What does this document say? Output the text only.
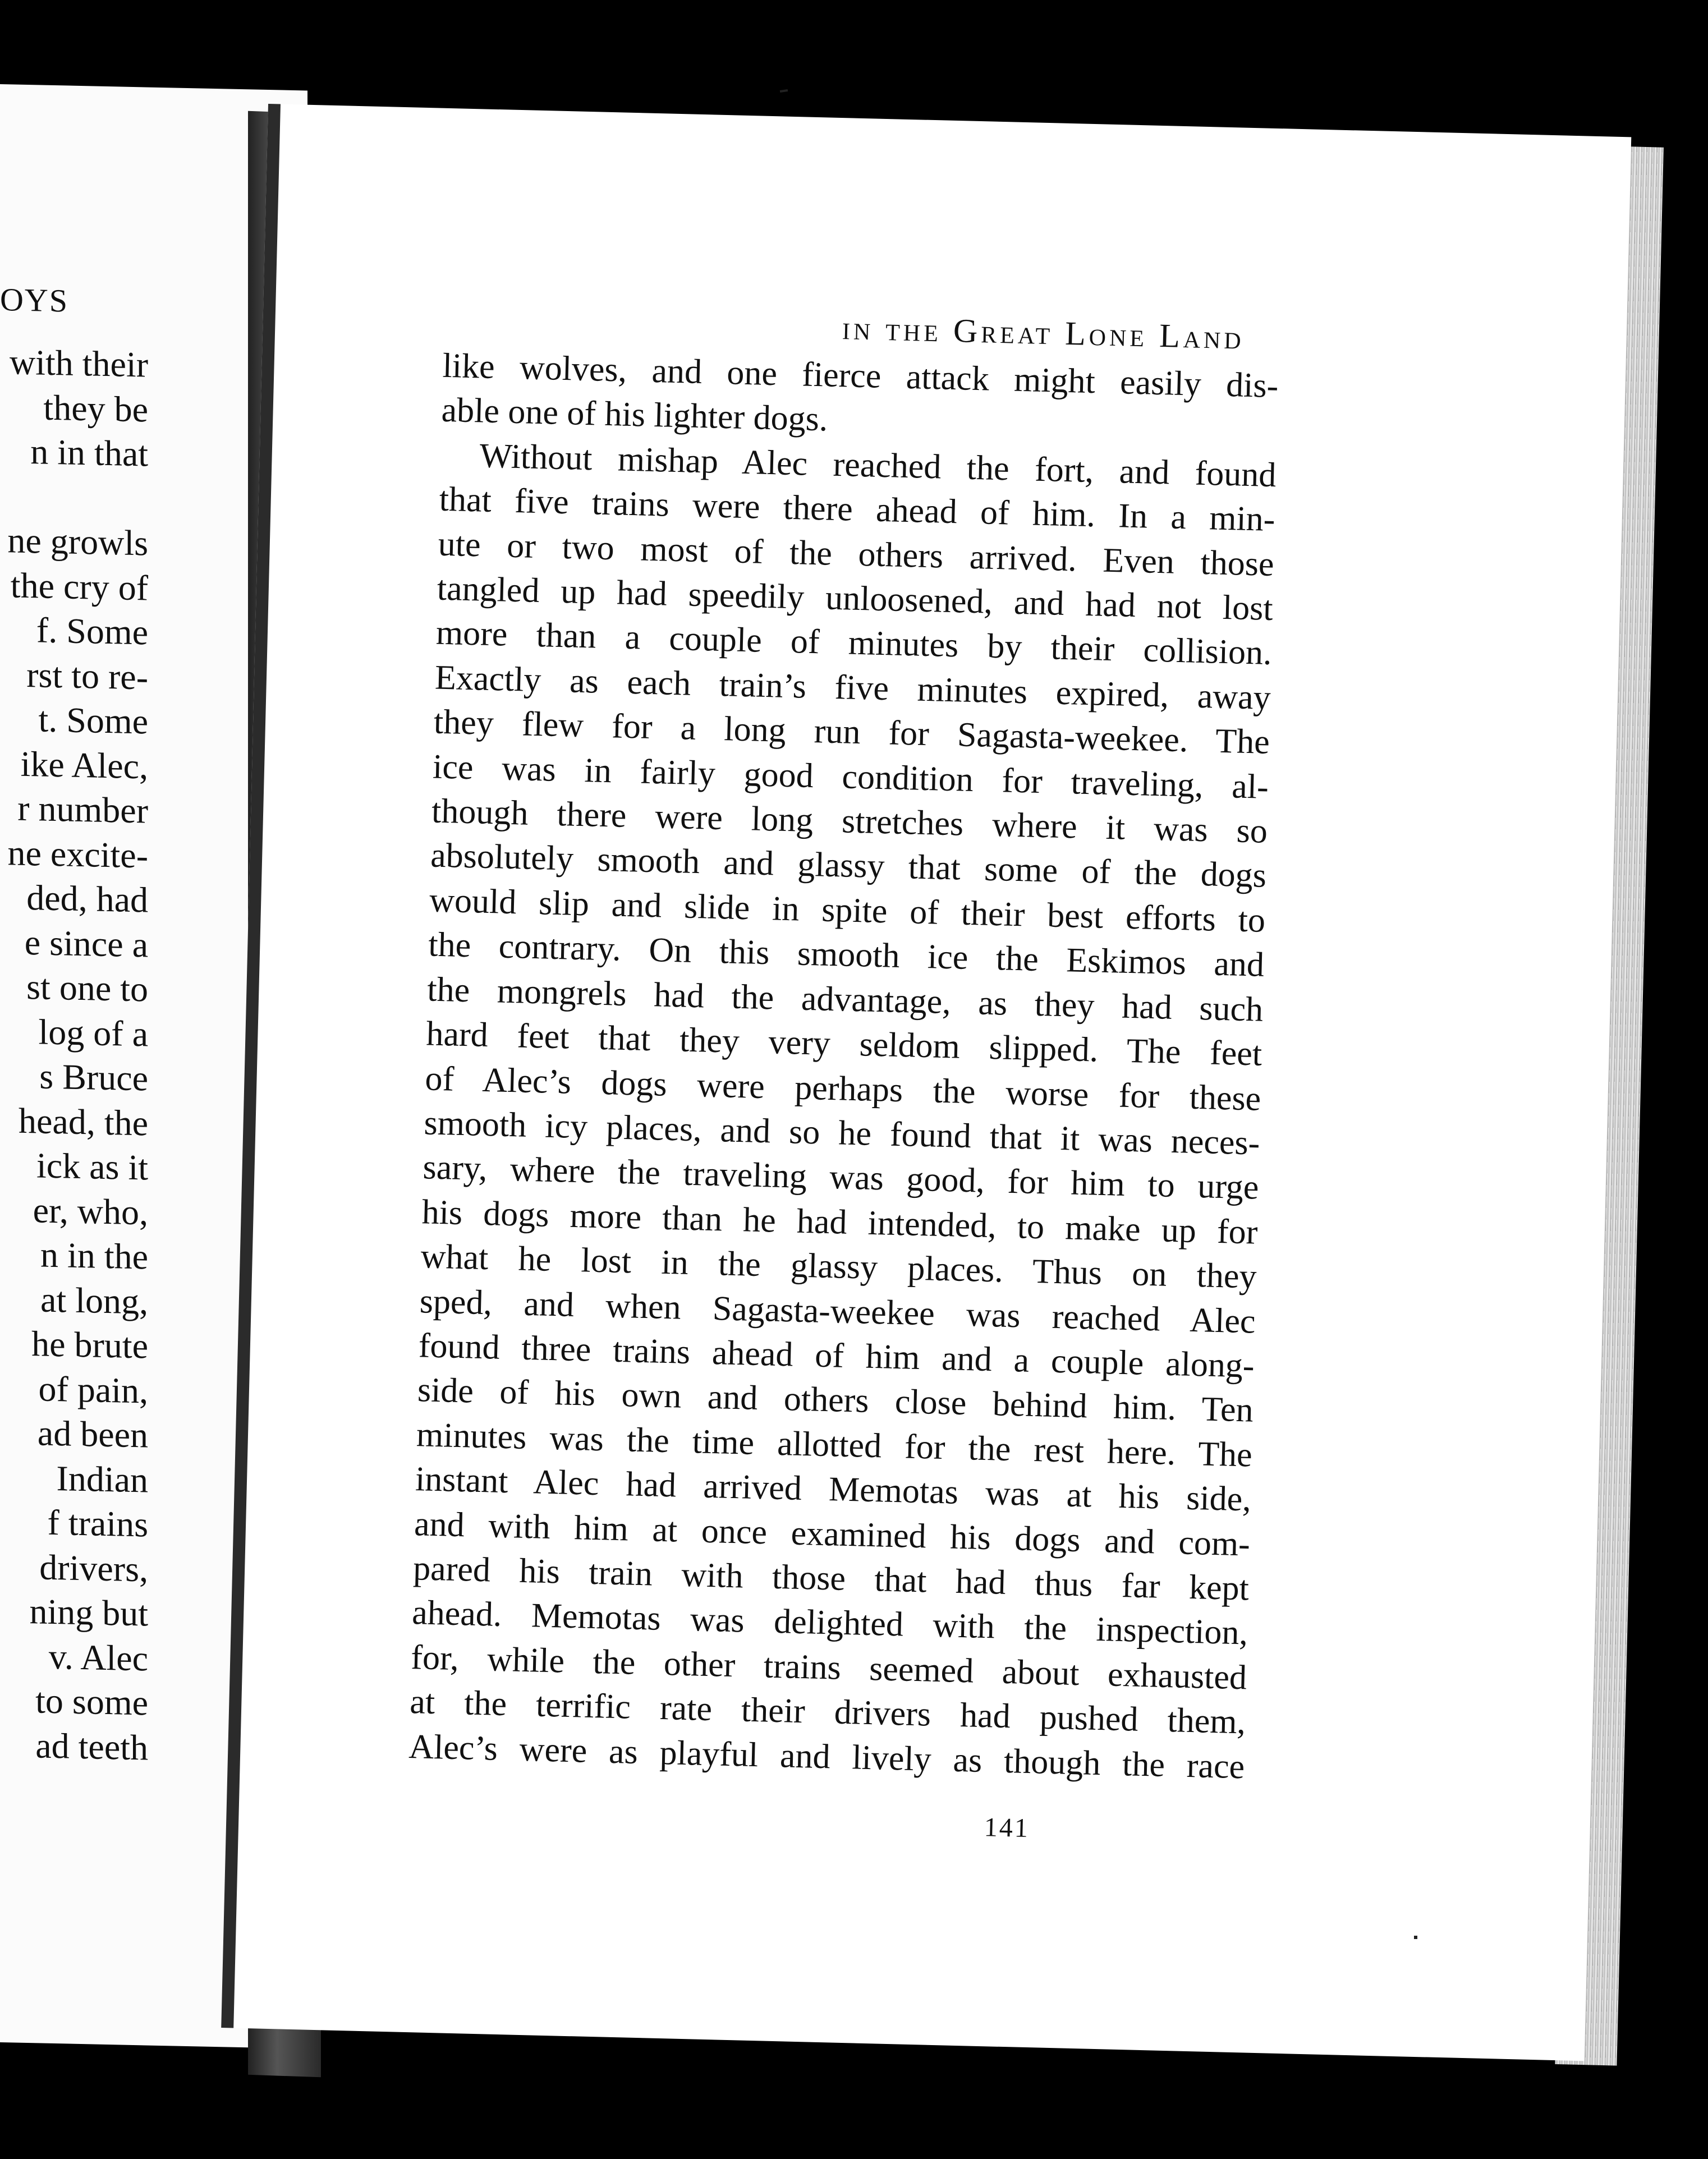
OYS
with their
they be
n in that

ne growls
the cry of
f. Some
rst to re-
t. Some
ike Alec,
r number
ne excite-
ded, had
e since a
st one to
log of a
s Bruce
head, the
ick as it
er, who,
n in the
at long,
he brute
of pain,
ad been
Indian
f trains
drivers,
ning but
v. Alec
to some
ad teeth
in the Great Lone Land
like wolves, and one fierce attack might easily dis-
able one of his lighter dogs.
Without mishap Alec reached the fort, and found
that five trains were there ahead of him. In a min-
ute or two most of the others arrived. Even those
tangled up had speedily unloosened, and had not lost
more than a couple of minutes by their collision.
Exactly as each train’s five minutes expired, away
they flew for a long run for Sagasta-weekee. The
ice was in fairly good condition for traveling, al-
though there were long stretches where it was so
absolutely smooth and glassy that some of the dogs
would slip and slide in spite of their best efforts to
the contrary. On this smooth ice the Eskimos and
the mongrels had the advantage, as they had such
hard feet that they very seldom slipped. The feet
of Alec’s dogs were perhaps the worse for these
smooth icy places, and so he found that it was neces-
sary, where the traveling was good, for him to urge
his dogs more than he had intended, to make up for
what he lost in the glassy places. Thus on they
sped, and when Sagasta-weekee was reached Alec
found three trains ahead of him and a couple along-
side of his own and others close behind him. Ten
minutes was the time allotted for the rest here. The
instant Alec had arrived Memotas was at his side,
and with him at once examined his dogs and com-
pared his train with those that had thus far kept
ahead. Memotas was delighted with the inspection,
for, while the other trains seemed about exhausted
at the terrific rate their drivers had pushed them,
Alec’s were as playful and lively as though the race
141
